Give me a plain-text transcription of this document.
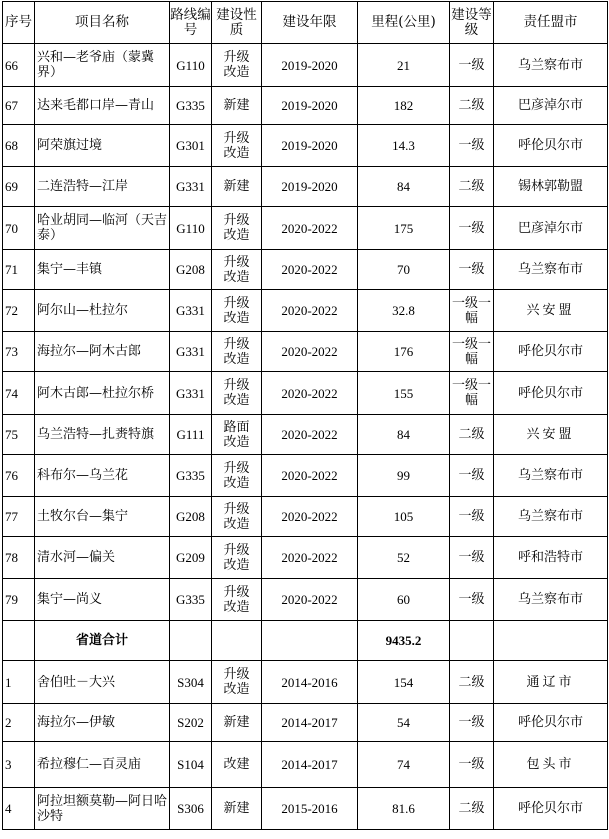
序号	项目名称	路线编号	建设性质	建设年限	里程(公里)	建设等级	责任盟市
66	兴和—老爷庙（蒙冀界）	G110	升级改造	2019-2020	21	一级	乌兰察布市
67	达来毛都口岸—青山	G335	新建	2019-2020	182	二级	巴彦淖尔市
68	阿荣旗过境	G301	升级改造	2019-2020	14.3	一级	呼伦贝尔市
69	二连浩特—江岸	G331	新建	2019-2020	84	二级	锡林郭勒盟
70	哈业胡同—临河（天吉泰）	G110	升级改造	2020-2022	175	一级	巴彦淖尔市
71	集宁—丰镇	G208	升级改造	2020-2022	70	一级	乌兰察布市
72	阿尔山—杜拉尔	G331	升级改造	2020-2022	32.8	一级一幅	兴安盟
73	海拉尔—阿木古郎	G331	升级改造	2020-2022	176	一级一幅	呼伦贝尔市
74	阿木古郎—杜拉尔桥	G331	升级改造	2020-2022	155	一级一幅	呼伦贝尔市
75	乌兰浩特—扎赉特旗	G111	路面改造	2020-2022	84	二级	兴安盟
76	科布尔—乌兰花	G335	升级改造	2020-2022	99	一级	乌兰察布市
77	土牧尔台—集宁	G208	升级改造	2020-2022	105	一级	乌兰察布市
78	清水河—偏关	G209	升级改造	2020-2022	52	一级	呼和浩特市
79	集宁—尚义	G335	升级改造	2020-2022	60	一级	乌兰察布市
	省道合计				9435.2		
1	舍伯吐－大兴	S304	升级改造	2014-2016	154	二级	通辽市
2	海拉尔—伊敏	S202	新建	2014-2017	54	一级	呼伦贝尔市
3	希拉穆仁—百灵庙	S104	改建	2014-2017	74	一级	包头市
4	阿拉坦额莫勒—阿日哈沙特	S306	新建	2015-2016	81.6	二级	呼伦贝尔市
